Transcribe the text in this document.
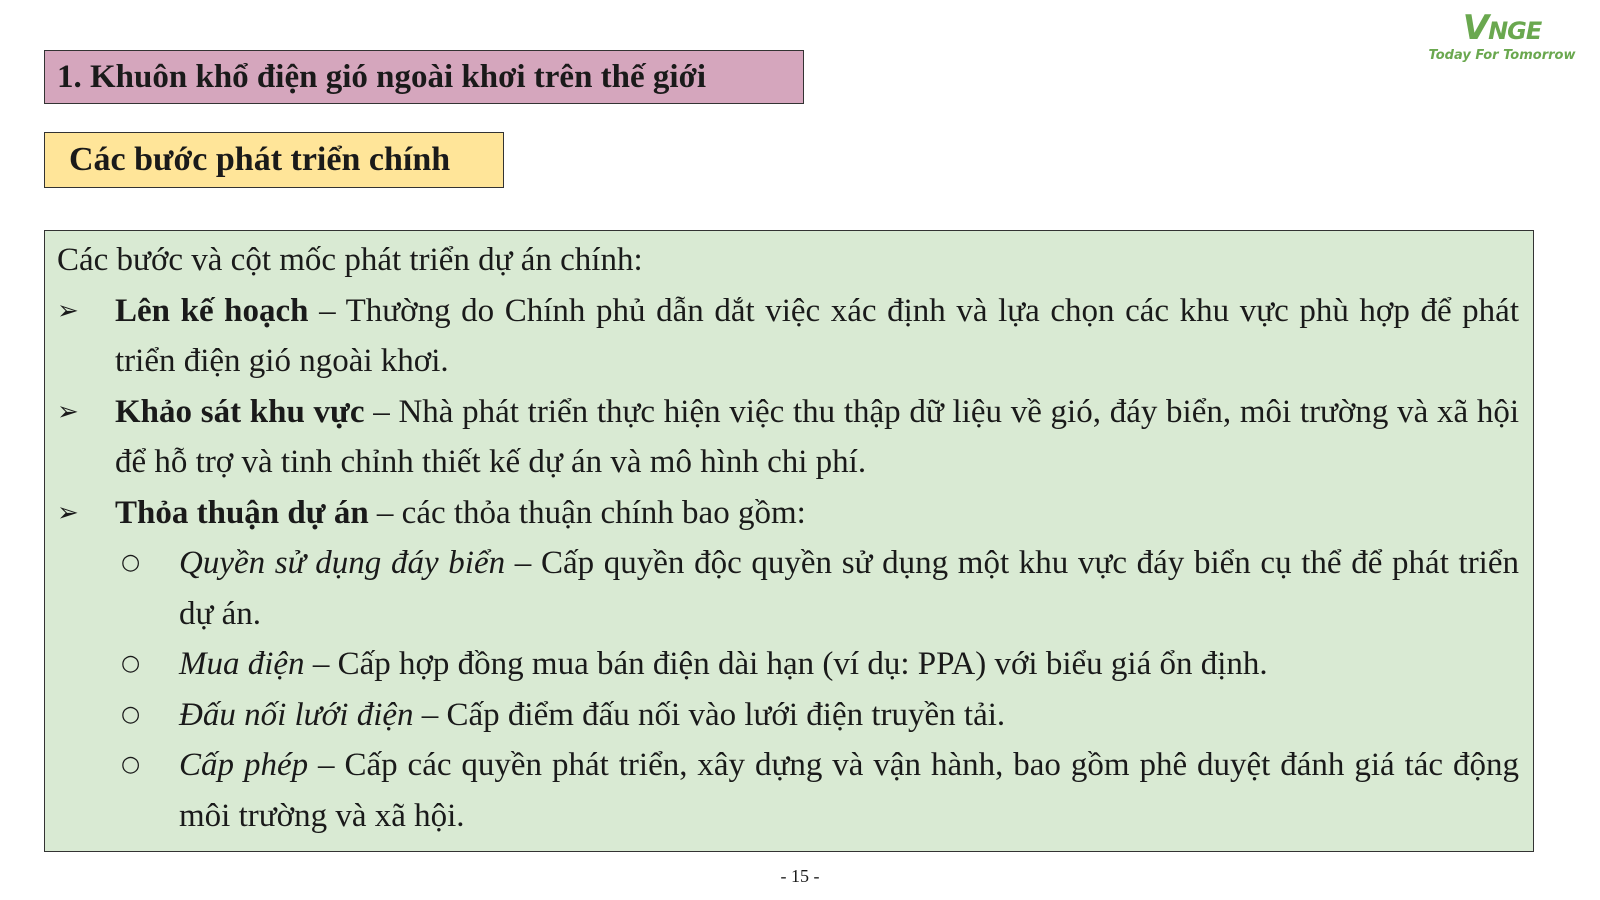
1. Khuôn khổ điện gió ngoài khơi trên thế giới
Các bước phát triển chính
VNGE
Today For Tomorrow

Các bước và cột mốc phát triển dự án chính:

➢	Lên kế hoạch – Thường do Chính phủ dẫn dắt việc xác định và lựa chọn các khu vực phù hợp để phát triển điện gió ngoài khơi.
➢	Khảo sát khu vực – Nhà phát triển thực hiện việc thu thập dữ liệu về gió, đáy biển, môi trường và xã hội để hỗ trợ và tinh chỉnh thiết kế dự án và mô hình chi phí.
➢	Thỏa thuận dự án – các thỏa thuận chính bao gồm:
○	Quyền sử dụng đáy biển – Cấp quyền độc quyền sử dụng một khu vực đáy biển cụ thể để phát triển dự án.
○	Mua điện – Cấp hợp đồng mua bán điện dài hạn (ví dụ: PPA) với biểu giá ổn định.
○	Đấu nối lưới điện – Cấp điểm đấu nối vào lưới điện truyền tải.
○	Cấp phép – Cấp các quyền phát triển, xây dựng và vận hành, bao gồm phê duyệt đánh giá tác động môi trường và xã hội.
- 15 -
